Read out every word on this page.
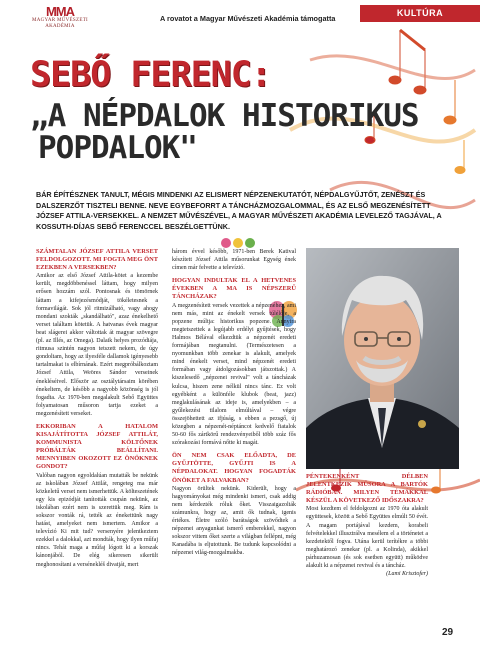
MMA
MAGYAR MŰVÉSZETI
AKADÉMIA
A rovatot a Magyar Művészeti Akadémia támogatta
KULTÚRA
SEBŐ FERENC:
„A NÉPDALOK HISTORIKUS
POPDALOK"
BÁR ÉPÍTÉSZNEK TANULT, MÉGIS MINDENKI AZ ELISMERT NÉPZENEKUTATÓT, NÉPDALGYŰJTŐT, ZENÉSZT ÉS DALSZERZŐT TISZTELI BENNE. NEVE EGYBEFORRT A TÁNCHÁZMOZGALOMMAL, ÉS AZ ELSŐ MEGZENÉSÍTETT JÓZSEF ATTILA-VERSEKKEL. A NEMZET MŰVÉSZÉVEL, A MAGYAR MŰVÉSZETI AKADÉMIA LEVELEZŐ TAGJÁVAL, A KOSSUTH-DÍJAS SEBŐ FERENCCEL BESZÉLGETTÜNK.

SZÁMTALAN JÓZSEF ATTILA VERSET FELDOLGOZOTT. MI FOGTA MEG ÖNT EZEKBEN A VERSEKBEN?

Amikor az első József Attila-kötet a kezembe került, megdöbbenéssel láttam, hogy milyen erősen hozzám szól. Pontosnak és tömörnek láttam a kifejezésmódját, tökéletesnek a formavilágát. Sok jól ritmizálható, vagy ahogy mondani szokták „skandálható", azaz énekelhető verset találtam kötetük. A hatvanas évek magyar beat slágerei akkor váltottak át magyar szövegre (pl. az Illés, az Omega). Dalaik helyes prozódiája, ritmusa szintén nagyon tetszett nekem, de úgy gondoltam, hogy az ilyesféle dallamok igényesebb tartalmakat is elbírnának. Ezért megpróbálkoztam József Attila, Weöres Sándor verseinek énekléséivel. Először az osztálytársaim körében énekeltem, de később a nagyobb közönség is jól fogadta. Az 1970-ben megalakult Sebő Együttes folyamatosan műsoron tartja ezeket a megzenésített verseket.

EKKORIBAN A HATALOM KISAJÁTÍTOTTA JÓZSEF ATTILÁT, KOMMUNISTA KÖLTŐNEK PRÓBÁLTÁK BEÁLLÍTANI. MENNYIBEN OKOZOTT EZ ÖNÖKNEK GONDOT?

Valóban nagyon egyoldalúan mutatták be nekünk az iskolában József Attilát, rengeteg ma már közkeletű verset nem ismerhettük. A költeszetének egy kis epizódját tanították csupán nekünk, az iskolában ezért nem is szerettük meg. Rám is sokszor vonták rá, tették az énekettünk nagy hatást, amelyeket nem ismertem. Amikor a televízió Ki mit tud? versenyére jelentkeztem ezekkel a dalokkal, azt mondták, hogy ilyen műfaj nincs. Tehát maga a műfaj lógott ki a korszak kánonjából. De elég sikeresen sikerült meghonosítani a versénekléš divatját, mert

három évvel később, 1971-ben Berek Katival készített József Attila műsorunkat Egység ének címen már felvette a televízió.

HOGYAN INDULTAK EL A HETVENES ÉVEKBEN A MA IS NÉPSZERŰ TÁNCHÁZAK?

A megzenésített versek vezettek a népzenéhez, ami nem más, mint az énekelt versek túlélője, a popzene múltja: historikus popzene. Annyira megtetszettek a legújabb erdélyi gyűjtések, hogy Halmos Bélával elkezdtük a népzenét eredeti formájában megtanulni. (Természetesen a nyomunkban több zenekar is alakult, amelyek mind énekelt verset, mind népzenét eredeti formában vagy átdolgozásokban játszottak.) A kiszelesedő „népzenei revival" volt a táncházak kulcsa, hiszen zene nélkül nincs tánc. Ez volt egyébként a különféle klubok (beat, jazz) meglakulásának az ideje is, amelyekben – a gyűlekezési tilalom elmúltával – végre összejöhettett az ifjúság, s ebben a pezsgő, új közegben a népzenét-néptáncot kedvelő fiatalok 50-60 fős zártkörű rendezvényeiből több száz fős szórakozási formává nőtte ki magát.

ÖN NEM CSAK ELŐADTA, DE GYŰJTÖTTE, GYŰJTI IS A NÉPDALOKAT. HOGYAN FOGADTÁK ÖNÖKET A FALVAKBAN?

Nagyon örültek nekünk. Kiderült, hogy a hagyományokat még mindenki ismeri, csak addig nem kérdezték róluk őket. Visszaigazolták számunkra, hogy az, amit ők tudnak, igenis értékes. Életre szóló barátságok szövődtek a népzenei anyagunkat ismerő emberekkel, nagyon sokszor vittem őket szerte a világban fellépni, még Kanadába is eljutottunk. Be tudunk kapcsolódni a népzenei világ-mozgalmakba.

PÉNTEKENKÉNT DÉLBEN JELENTKEZIK MŰSORA A BARTÓK RÁDIÓBAN. MILYEN TÉMÁKKAL KÉSZÜL A KÖVETKEZŐ IDŐSZAKRA?

Most kezdtem el feldolgozni az 1970 óta alakult együttesek, között a Sebő Együttes elmúlt 50 évét. A magam portájával kezdem, korabeli felvételekkel illusztrálva mesélem el a történetet a kezdetektől fogva. Utána kerül terítékre a többi meghatározó zenekar (pl. a Kolinda), akikkel párhuzamosan (és sok esetben együtt) működve alakult ki a népzenei revival és a táncház.

(Lami Krisztofer)

29
